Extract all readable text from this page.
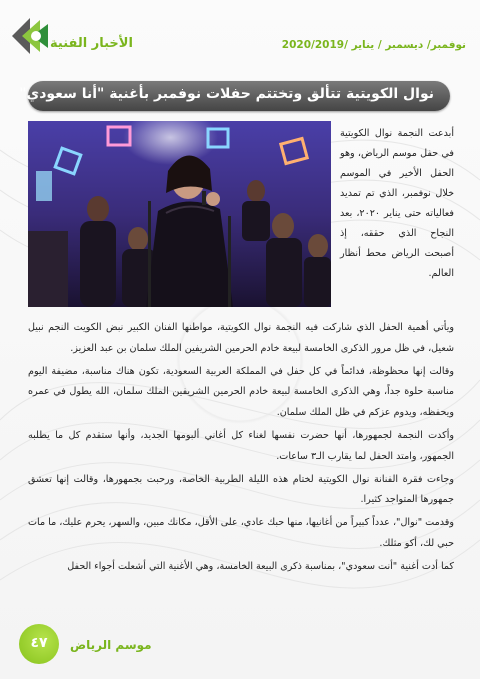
الأخبار الفنية	نوفمبر/ ديسمبر / يناير /2020/2019
نوال الكويتية تتألق وتختتم حفلات نوفمبر بأغنية "أنا سعودي"
أبدعت النجمة نوال الكويتية في حفل موسم الرياض، وهو الحفل الأخير في الموسم خلال نوفمبر، الذي تم تمديد فعالياته حتى يناير ٢٠٢٠، بعد النجاح الذي حققه، إذ أصبحت الرياض محط أنظار العالم.

ويأتي أهمية الحفل الذي شاركت فيه النجمة نوال الكويتية، مواطنها الفنان الكبير نبض الكويت النجم نبيل شعيل، في ظل مرور الذكرى الخامسة لبيعة خادم الحرمين الشريفين الملك سلمان بن عبد العزيز.

وقالت إنها محظوظة، فدائماً في كل حفل في المملكة العربية السعودية، تكون هناك مناسبة، مضيفة اليوم مناسبة حلوة جداً، وهي الذكرى الخامسة لبيعة خادم الحرمين الشريفين الملك سلمان، الله يطول في عمره ويحفظه، ويدوم عزكم في ظل الملك سلمان.

وأكدت النجمة لجمهورها، أنها حضرت نفسها لغناء كل أغاني ألبومها الجديد، وأنها ستقدم كل ما يطلبه الجمهور، وامتد الحفل لما يقارب الـ٣ ساعات.

وجاءت فقرة الفنانة نوال الكويتية لختام هذه الليلة الطربية الخاصة، ورحبت بجمهورها، وقالت إنها تعشق جمهورها المتواجد كثيرا.

وقدمت "نوال"، عدداً كبيراً من أغانيها، منها حبك عادي، على الأقل، مكانك مبين، والسهر، يحرم عليك، ما مات حبي لك، أكو مثلك.

كما أدت أغنية "أنت سعودي"، بمناسبة ذكرى البيعة الخامسة، وهي الأغنية التي أشعلت أجواء الحفل

٤٧	موسم الرياض
